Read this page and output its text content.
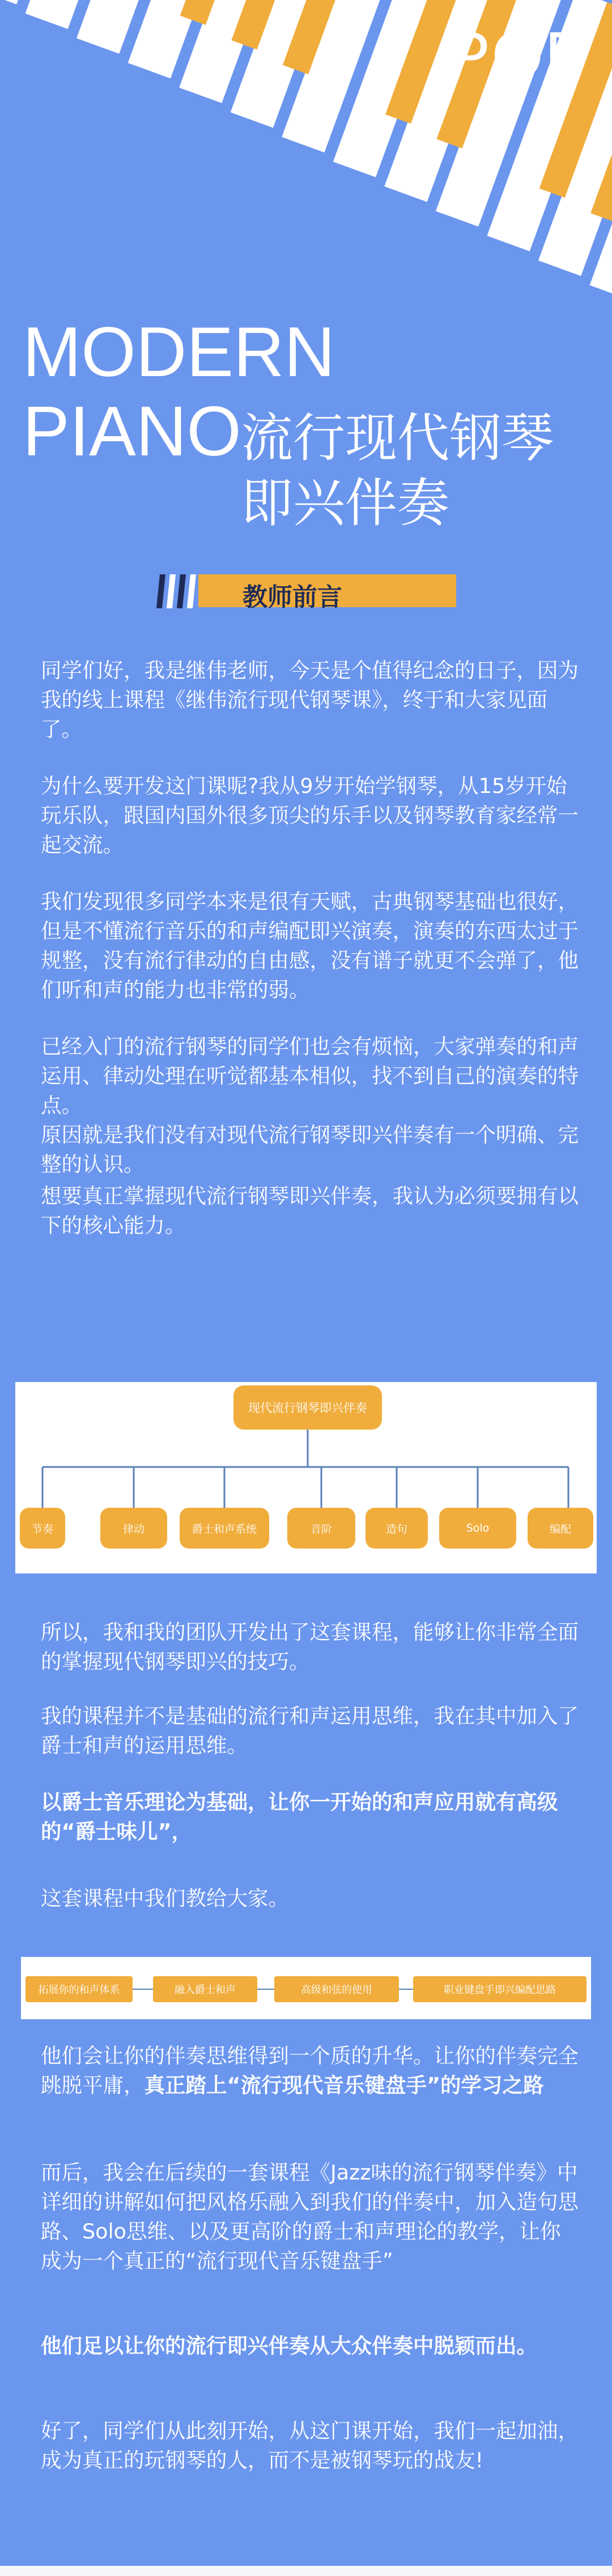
POP
MODERN
PIANO 流行现代钢琴
即兴伴奏
教师前言
同学们好，我是继伟老师，今天是个值得纪念的日子，因为我的线上课程《继伟流行现代钢琴课》，终于和大家见面了。
为什么要开发这门课呢?我从9岁开始学钢琴，从15岁开始玩乐队，跟国内国外很多顶尖的乐手以及钢琴教育家经常一起交流。
我们发现很多同学本来是很有天赋，古典钢琴基础也很好，但是不懂流行音乐的和声编配即兴演奏，演奏的东西太过于规整，没有流行律动的自由感，没有谱子就更不会弹了，他们听和声的能力也非常的弱。
已经入门的流行钢琴的同学们也会有烦恼，大家弹奏的和声运用、律动处理在听觉都基本相似，找不到自己的演奏的特点。
原因就是我们没有对现代流行钢琴即兴伴奏有一个明确、完整的认识。
想要真正掌握现代流行钢琴即兴伴奏，我认为必须要拥有以下的核心能力。
现代流行钢琴即兴伴奏
节奏	律动	爵士和声系统	音阶	造句	Solo	编配
所以，我和我的团队开发出了这套课程，能够让你非常全面的掌握现代钢琴即兴的技巧。
我的课程并不是基础的流行和声运用思维，我在其中加入了爵士和声的运用思维。
以爵士音乐理论为基础，让你一开始的和声应用就有高级的“爵士味儿”，
这套课程中我们教给大家。
拓展你的和声体系	融入爵士和声	高级和弦的使用	职业键盘手即兴编配思路
他们会让你的伴奏思维得到一个质的升华。让你的伴奏完全跳脱平庸，真正踏上“流行现代音乐键盘手”的学习之路
而后，我会在后续的一套课程《Jazz味的流行钢琴伴奏》中详细的讲解如何把风格乐融入到我们的伴奏中，加入造句思路、Solo思维、以及更高阶的爵士和声理论的教学，让你成为一个真正的“流行现代音乐键盘手”
他们足以让你的流行即兴伴奏从大众伴奏中脱颖而出。
好了，同学们从此刻开始，从这门课开始，我们一起加油，成为真正的玩钢琴的人，而不是被钢琴玩的战友!
